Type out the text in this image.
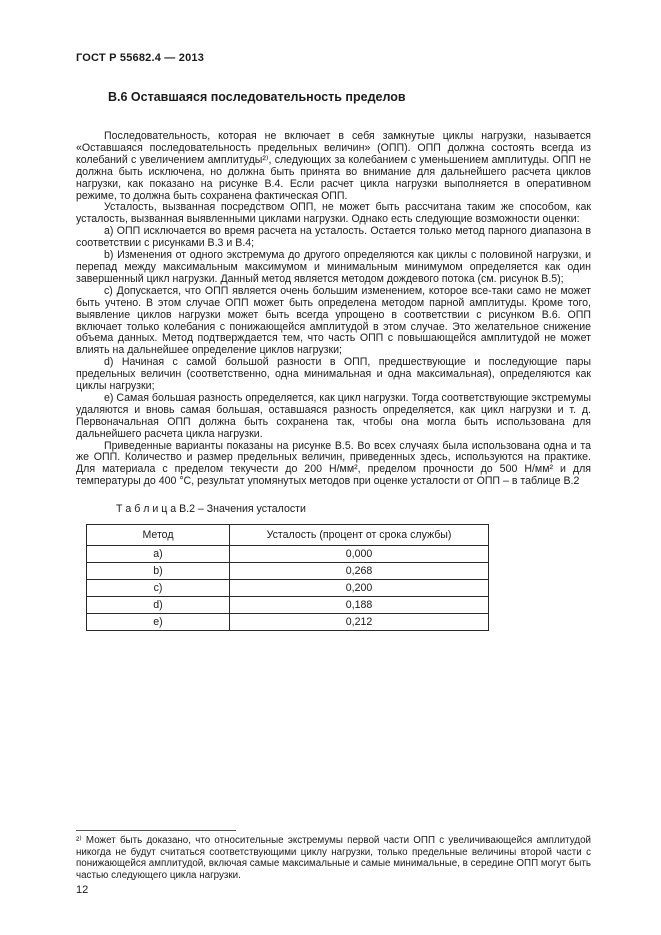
ГОСТ Р 55682.4 — 2013
В.6 Оставшаяся последовательность пределов

Последовательность, которая не включает в себя замкнутые циклы нагрузки, называется «Оставшаяся последовательность предельных величин» (ОПП). ОПП должна состоять всегда из колебаний с увеличением амплитуды²⁾, следующих за колебанием с уменьшением амплитуды. ОПП не должна быть исключена, но должна быть принята во внимание для дальнейшего расчета циклов нагрузки, как показано на рисунке В.4. Если расчет цикла нагрузки выполняется в оперативном режиме, то должна быть сохранена фактическая ОПП.

Усталость, вызванная посредством ОПП, не может быть рассчитана таким же способом, как усталость, вызванная выявленными циклами нагрузки. Однако есть следующие возможности оценки:

а) ОПП исключается во время расчета на усталость. Остается только метод парного диапазона в соответствии с рисунками В.3 и В.4;

b) Изменения от одного экстремума до другого определяются как циклы с половиной нагрузки, и перепад между максимальным максимумом и минимальным минимумом определяется как один завершенный цикл нагрузки. Данный метод является методом дождевого потока (см. рисунок В.5);

с) Допускается, что ОПП является очень большим изменением, которое все-таки само не может быть учтено. В этом случае ОПП может быть определена методом парной амплитуды. Кроме того, выявление циклов нагрузки может быть всегда упрощено в соответствии с рисунком В.6. ОПП включает только колебания с понижающейся амплитудой в этом случае. Это желательное снижение объема данных. Метод подтверждается тем, что часть ОПП с повышающейся амплитудой не может влиять на дальнейшее определение циклов нагрузки;

d) Начиная с самой большой разности в ОПП, предшествующие и последующие пары предельных величин (соответственно, одна минимальная и одна максимальная), определяются как циклы нагрузки;

е) Самая большая разность определяется, как цикл нагрузки. Тогда соответствующие экстремумы удаляются и вновь самая большая, оставшаяся разность определяется, как цикл нагрузки и т. д. Первоначальная ОПП должна быть сохранена так, чтобы она могла быть использована для дальнейшего расчета цикла нагрузки.

Приведенные варианты показаны на рисунке В.5. Во всех случаях была использована одна и та же ОПП. Количество и размер предельных величин, приведенных здесь, используются на практике. Для материала с пределом текучести до 200 Н/мм², пределом прочности до 500 Н/мм² и для температуры до 400 °С, результат упомянутых методов при оценке усталости от ОПП – в таблице В.2

Т а б л и ц а В.2 – Значения усталости

Метод	Усталость (процент от срока службы)
а)	0,000
b)	0,268
с)	0,200
d)	0,188
е)	0,212

²⁾ Может быть доказано, что относительные экстремумы первой части ОПП с увеличивающейся амплитудой никогда не будут считаться соответствующими циклу нагрузки, только предельные величины второй части с понижающейся амплитудой, включая самые максимальные и самые минимальные, в середине ОПП могут быть частью следующего цикла нагрузки.

12
